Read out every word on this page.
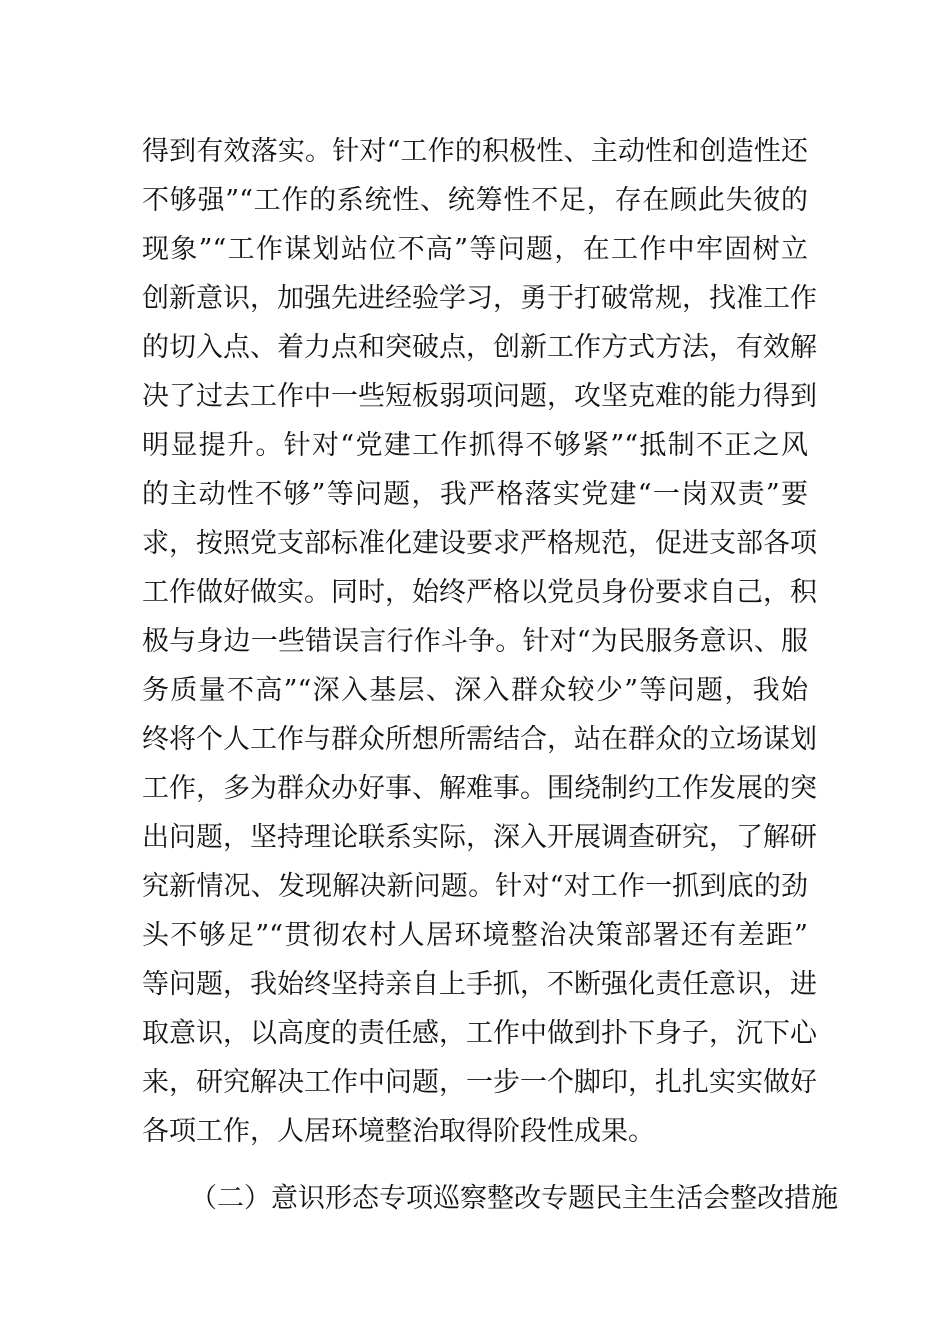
得到有效落实。针对“工作的积极性、主动性和创造性还
不够强”“工作的系统性、统筹性不足，存在顾此失彼的
现象”“工作谋划站位不高”等问题，在工作中牢固树立
创新意识，加强先进经验学习，勇于打破常规，找准工作
的切入点、着力点和突破点，创新工作方式方法，有效解
决了过去工作中一些短板弱项问题，攻坚克难的能力得到
明显提升。针对“党建工作抓得不够紧”“抵制不正之风
的主动性不够”等问题，我严格落实党建“一岗双责”要
求，按照党支部标准化建设要求严格规范，促进支部各项
工作做好做实。同时，始终严格以党员身份要求自己，积
极与身边一些错误言行作斗争。针对“为民服务意识、服
务质量不高”“深入基层、深入群众较少”等问题，我始
终将个人工作与群众所想所需结合，站在群众的立场谋划
工作，多为群众办好事、解难事。围绕制约工作发展的突
出问题，坚持理论联系实际，深入开展调查研究，了解研
究新情况、发现解决新问题。针对“对工作一抓到底的劲
头不够足”“贯彻农村人居环境整治决策部署还有差距”
等问题，我始终坚持亲自上手抓，不断强化责任意识，进
取意识，以高度的责任感，工作中做到扑下身子，沉下心
来，研究解决工作中问题，一步一个脚印，扎扎实实做好
各项工作，人居环境整治取得阶段性成果。
（二）意识形态专项巡察整改专题民主生活会整改措施
